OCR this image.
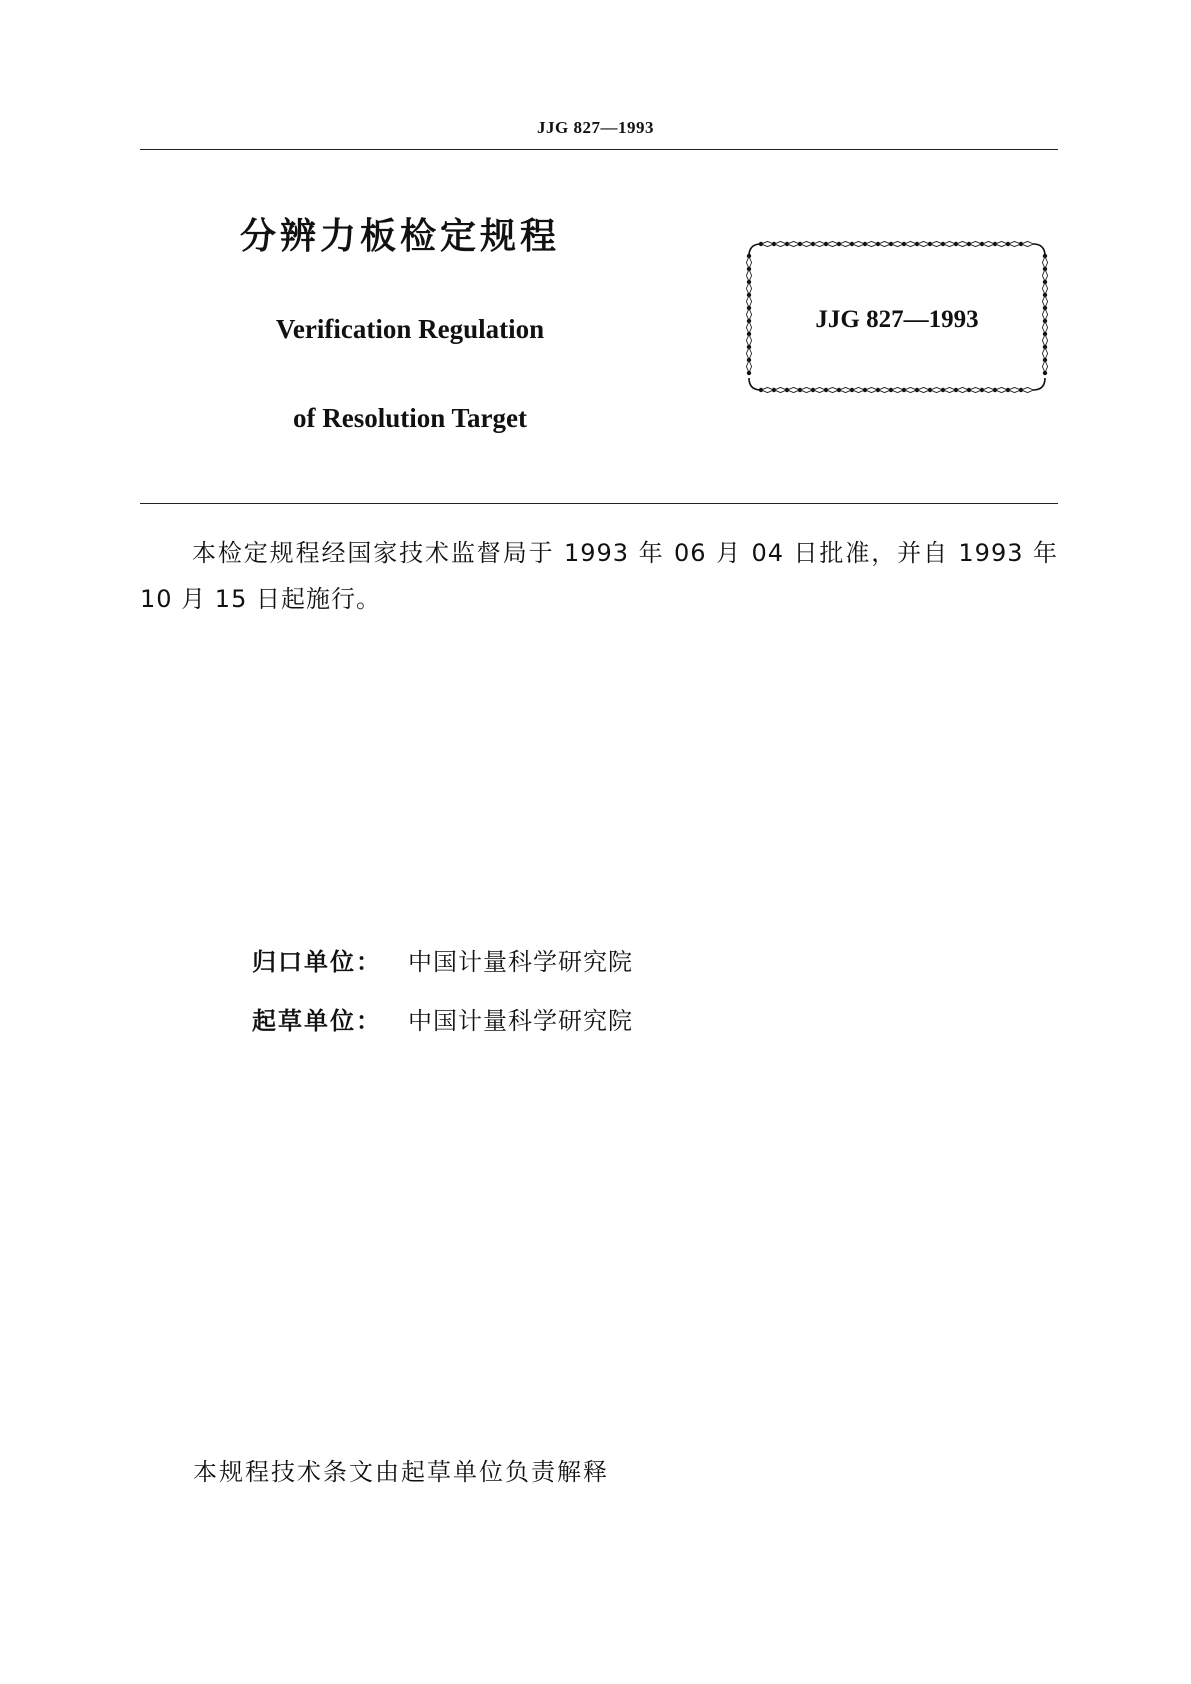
JJG 827—1993
分辨力板检定规程
Verification Regulation
of Resolution Target
JJG 827—1993
本检定规程经国家技术监督局于 1993 年 06 月 04 日批准，并自 1993 年 10 月 15 日起施行。
归口单位： 中国计量科学研究院
起草单位： 中国计量科学研究院
本规程技术条文由起草单位负责解释
